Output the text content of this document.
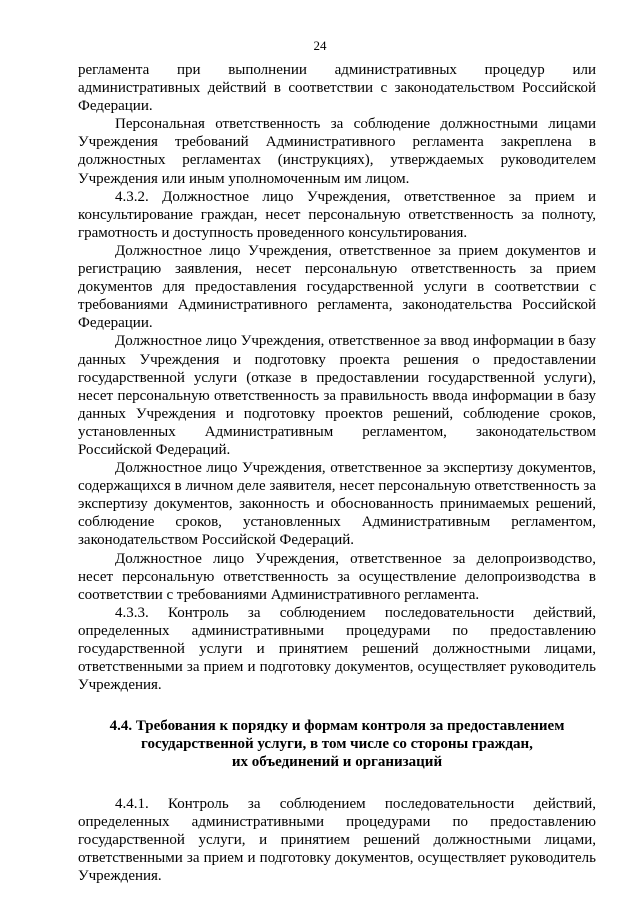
24

регламента при выполнении административных процедур или административных действий в соответствии с законодательством Российской Федерации.

Персональная ответственность за соблюдение должностными лицами Учреждения требований Административного регламента закреплена в должностных регламентах (инструкциях), утверждаемых руководителем Учреждения или иным уполномоченным им лицом.

4.3.2. Должностное лицо Учреждения, ответственное за прием и консультирование граждан, несет персональную ответственность за полноту, грамотность и доступность проведенного консультирования.

Должностное лицо Учреждения, ответственное за прием документов и регистрацию заявления, несет персональную ответственность за прием документов для предоставления государственной услуги в соответствии с требованиями Административного регламента, законодательства Российской Федерации.

Должностное лицо Учреждения, ответственное за ввод информации в базу данных Учреждения и подготовку проекта решения о предоставлении государственной услуги (отказе в предоставлении государственной услуги), несет персональную ответственность за правильность ввода информации в базу данных Учреждения и подготовку проектов решений, соблюдение сроков, установленных Административным регламентом, законодательством Российской Федераций.

Должностное лицо Учреждения, ответственное за экспертизу документов, содержащихся в личном деле заявителя, несет персональную ответственность за экспертизу документов, законность и обоснованность принимаемых решений, соблюдение сроков, установленных Административным регламентом, законодательством Российской Федераций.

Должностное лицо Учреждения, ответственное за делопроизводство, несет персональную ответственность за осуществление делопроизводства в соответствии с требованиями Административного регламента.

4.3.3. Контроль за соблюдением последовательности действий, определенных административными процедурами по предоставлению государственной услуги и принятием решений должностными лицами, ответственными за прием и подготовку документов, осуществляет руководитель Учреждения.

4.4. Требования к порядку и формам контроля за предоставлением
государственной услуги, в том числе со стороны граждан,
их объединений и организаций

4.4.1. Контроль за соблюдением последовательности действий, определенных административными процедурами по предоставлению государственной услуги, и принятием решений должностными лицами, ответственными за прием и подготовку документов, осуществляет руководитель Учреждения.
